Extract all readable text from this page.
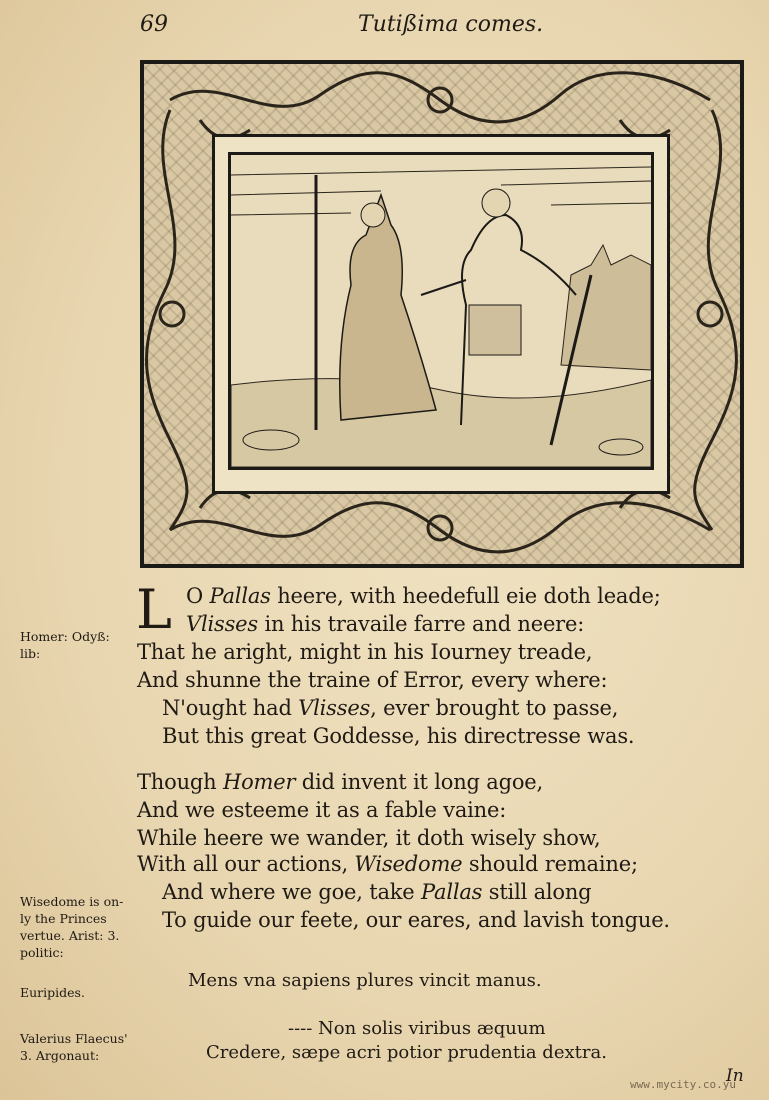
69	Tutißima comes.
L O Pallas heere, with heedefull eie doth leade;
Vlisses in his travaile farre and neere:
That he aright, might in his Iourney treade,
And shunne the traine of Error, every where:
N'ought had Vlisses, ever brought to passe,
But this great Goddesse, his directresse was.
Though Homer did invent it long agoe,
And we esteeme it as a fable vaine:
While heere we wander, it doth wisely show,
With all our actions, Wisedome should remaine;
And where we goe, take Pallas still along
To guide our feete, our eares, and lavish tongue.
Homer: Odyß:
lib:
Wisedome is on-
ly the Princes
vertue. Arist: 3.
politic:
Euripides.
Valerius Flaecus'
3. Argonaut:
Mens vna sapiens plures vincit manus.
---- Non solis viribus æquum
Credere, sæpe acri potior prudentia dextra.
In
www.mycity.co.yu
